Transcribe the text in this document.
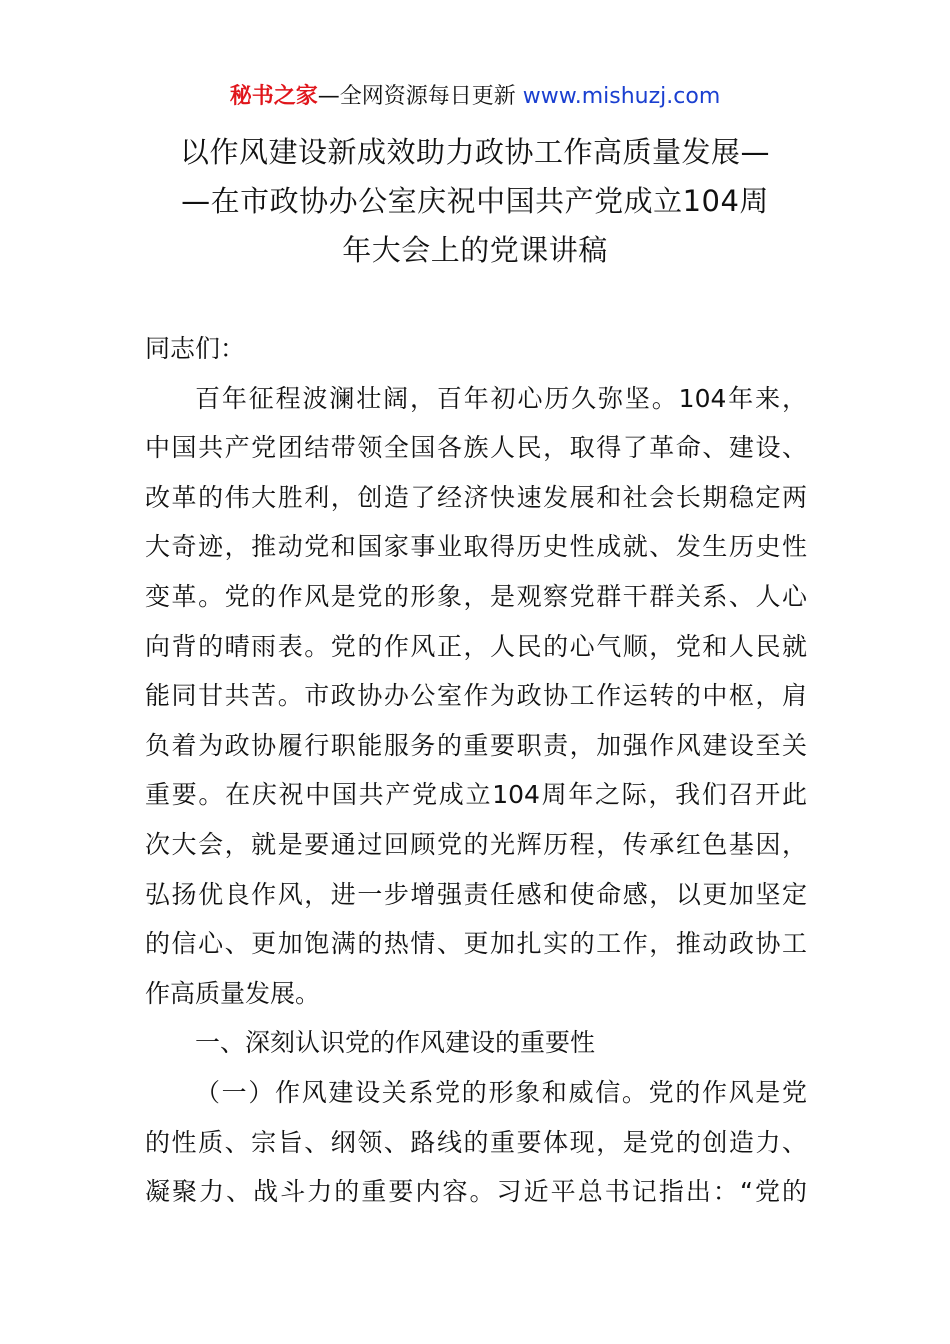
秘书之家—全网资源每日更新 www.mishuzj.com
以作风建设新成效助力政协工作高质量发展—
—在市政协办公室庆祝中国共产党成立104周
年大会上的党课讲稿
同志们：
百年征程波澜壮阔，百年初心历久弥坚。104年来，
中国共产党团结带领全国各族人民，取得了革命、建设、
改革的伟大胜利，创造了经济快速发展和社会长期稳定两
大奇迹，推动党和国家事业取得历史性成就、发生历史性
变革。党的作风是党的形象，是观察党群干群关系、人心
向背的晴雨表。党的作风正，人民的心气顺，党和人民就
能同甘共苦。市政协办公室作为政协工作运转的中枢，肩
负着为政协履行职能服务的重要职责，加强作风建设至关
重要。在庆祝中国共产党成立104周年之际，我们召开此
次大会，就是要通过回顾党的光辉历程，传承红色基因，
弘扬优良作风，进一步增强责任感和使命感，以更加坚定
的信心、更加饱满的热情、更加扎实的工作，推动政协工
作高质量发展。
一、深刻认识党的作风建设的重要性
（一）作风建设关系党的形象和威信。党的作风是党
的性质、宗旨、纲领、路线的重要体现，是党的创造力、
凝聚力、战斗力的重要内容。习近平总书记指出：“党的
